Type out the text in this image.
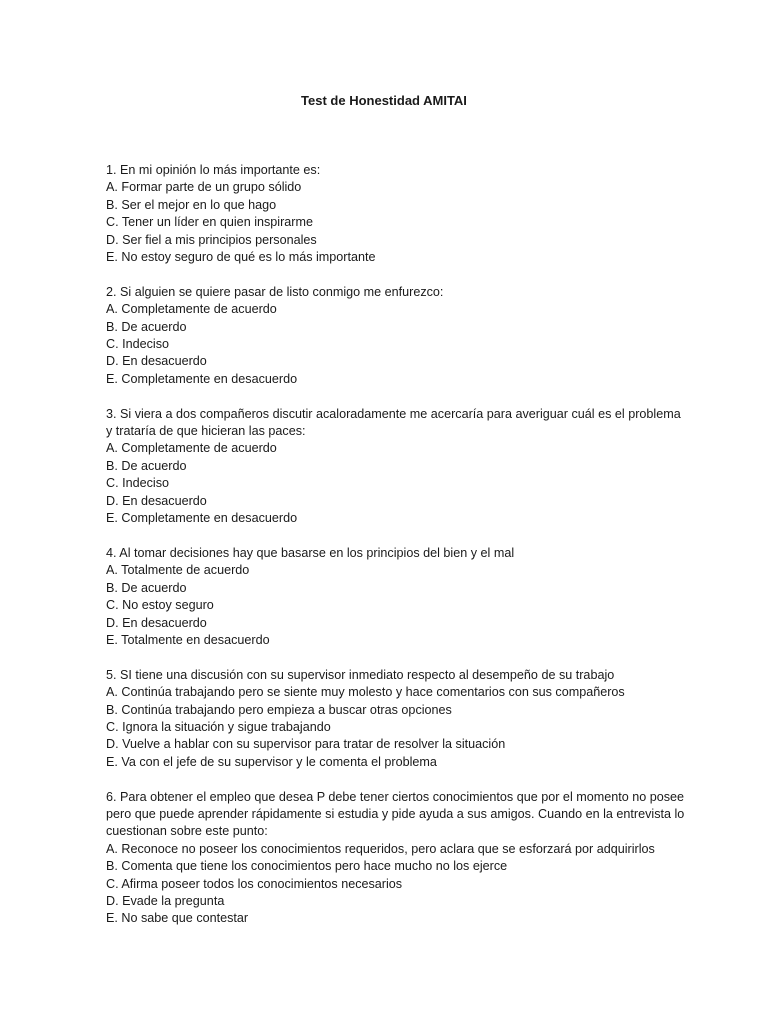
Test de Honestidad AMITAI
1. En mi opinión lo más importante es:
A. Formar parte de un grupo sólido
B. Ser el mejor en lo que hago
C. Tener un líder en quien inspirarme
D. Ser fiel a mis principios personales
E. No estoy seguro de qué es lo más importante
2. Si alguien se quiere pasar de listo conmigo me enfurezco:
A. Completamente de acuerdo
B. De acuerdo
C. Indeciso
D. En desacuerdo
E. Completamente en desacuerdo
3. Si viera a dos compañeros discutir acaloradamente me acercaría para averiguar cuál es el problema y trataría de que hicieran las paces:
A. Completamente de acuerdo
B. De acuerdo
C. Indeciso
D. En desacuerdo
E. Completamente en desacuerdo
4. Al tomar decisiones hay que basarse en los principios del bien y el mal
A. Totalmente de acuerdo
B. De acuerdo
C. No estoy seguro
D. En desacuerdo
E. Totalmente en desacuerdo
5. SI tiene una discusión con su supervisor inmediato respecto al desempeño de su trabajo
A. Continúa trabajando pero se siente muy molesto y hace comentarios con sus compañeros
B. Continúa trabajando pero empieza a buscar otras opciones
C. Ignora la situación y sigue trabajando
D. Vuelve a hablar con su supervisor para tratar de resolver la situación
E. Va con el jefe de su supervisor y le comenta el problema
6. Para obtener el empleo que desea P debe tener ciertos conocimientos que por el momento no posee pero que puede aprender rápidamente si estudia y pide ayuda a sus amigos. Cuando en la entrevista lo cuestionan sobre este punto:
A. Reconoce no poseer los conocimientos requeridos, pero aclara que se esforzará por adquirirlos
B. Comenta que tiene los conocimientos pero hace mucho no los ejerce
C. Afirma poseer todos los conocimientos necesarios
D. Evade la pregunta
E. No sabe que contestar
